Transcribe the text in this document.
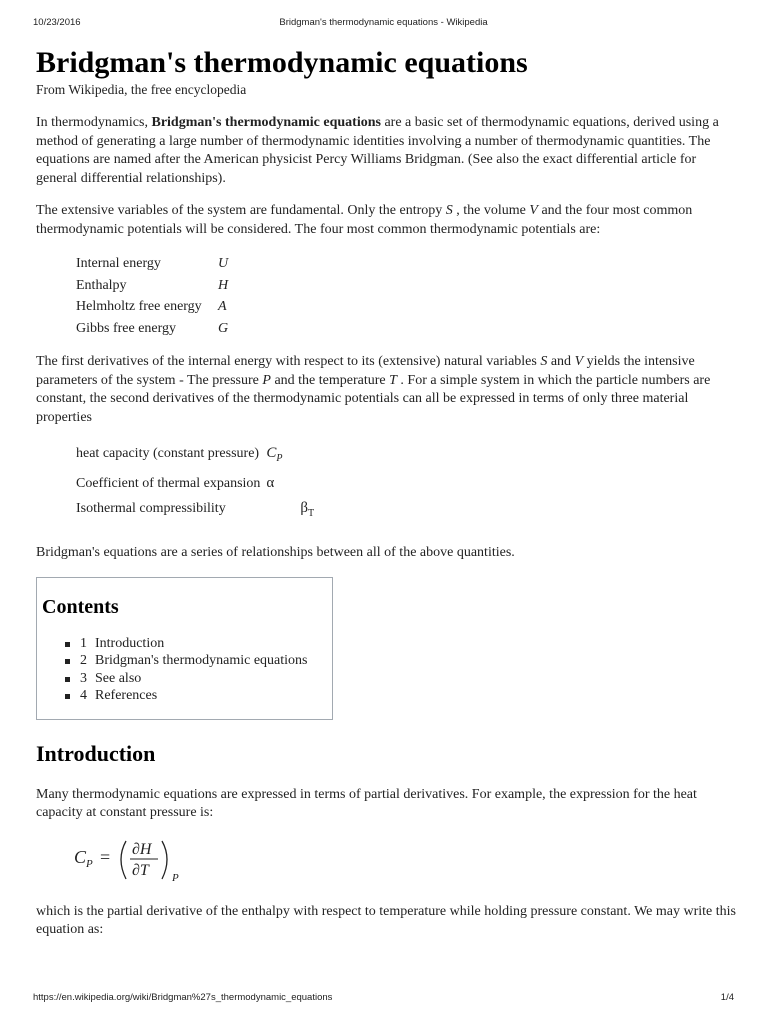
10/23/2016	Bridgman's thermodynamic equations - Wikipedia
Bridgman's thermodynamic equations
From Wikipedia, the free encyclopedia

In thermodynamics, Bridgman's thermodynamic equations are a basic set of thermodynamic equations, derived using a method of generating a large number of thermodynamic identities involving a number of thermodynamic quantities. The equations are named after the American physicist Percy Williams Bridgman. (See also the exact differential article for general differential relationships).

The extensive variables of the system are fundamental. Only the entropy S , the volume V and the four most common thermodynamic potentials will be considered. The four most common thermodynamic potentials are:

Internal energy	U
Enthalpy	H
Helmholtz free energy	A
Gibbs free energy	G

The first derivatives of the internal energy with respect to its (extensive) natural variables S and V yields the intensive parameters of the system - The pressure P and the temperature T . For a simple system in which the particle numbers are constant, the second derivatives of the thermodynamic potentials can all be expressed in terms of only three material properties

heat capacity (constant pressure)	$C_P$
Coefficient of thermal expansion	α
Isothermal compressibility	$\beta_T$

Bridgman's equations are a series of relationships between all of the above quantities.

Contents
1 Introduction
2 Bridgman's thermodynamic equations
3 See also
4 References
Introduction

Many thermodynamic equations are expressed in terms of partial derivatives. For example, the expression for the heat capacity at constant pressure is:

C P = ∂H
∂T P

which is the partial derivative of the enthalpy with respect to temperature while holding pressure constant. We may write this equation as:

https://en.wikipedia.org/wiki/Bridgman%27s_thermodynamic_equations	1/4
